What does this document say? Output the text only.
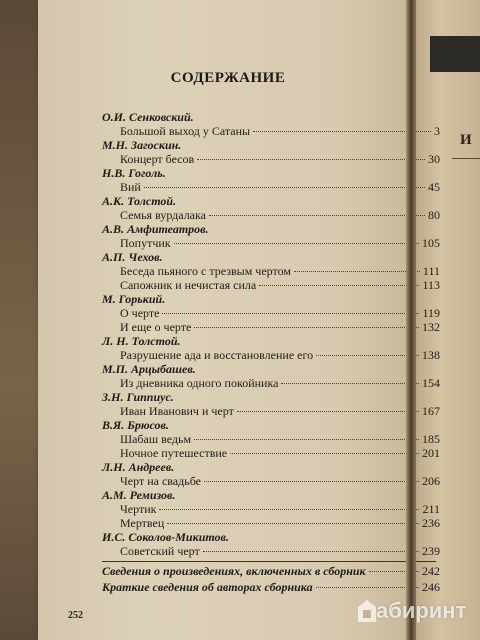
И
СОДЕРЖАНИЕ
О.И. Сенковский.
Большой выход у Сатаны	3
М.Н. Загоскин.
Концерт бесов	30
Н.В. Гоголь.
Вий	45
А.К. Толстой.
Семья вурдалака	80
А.В. Амфитеатров.
Попутчик	105
А.П. Чехов.
Беседа пьяного с трезвым чертом	111
Сапожник и нечистая сила	113
М. Горький.
О черте	119
И еще о черте	132
Л. Н. Толстой.
Разрушение ада и восстановление его	138
М.П. Арцыбашев.
Из дневника одного покойника	154
З.Н. Гиппиус.
Иван Иванович и черт	167
В.Я. Брюсов.
Шабаш ведьм	185
Ночное путешествие	201
Л.Н. Андреев.
Черт на свадьбе	206
А.М. Ремизов.
Чертик	211
Мертвец	236
И.С. Соколов-Микитов.
Советский черт	239
Сведения о произведениях, включенных в сборник	242
Краткие сведения об авторах сборника	246
252	абиринт
